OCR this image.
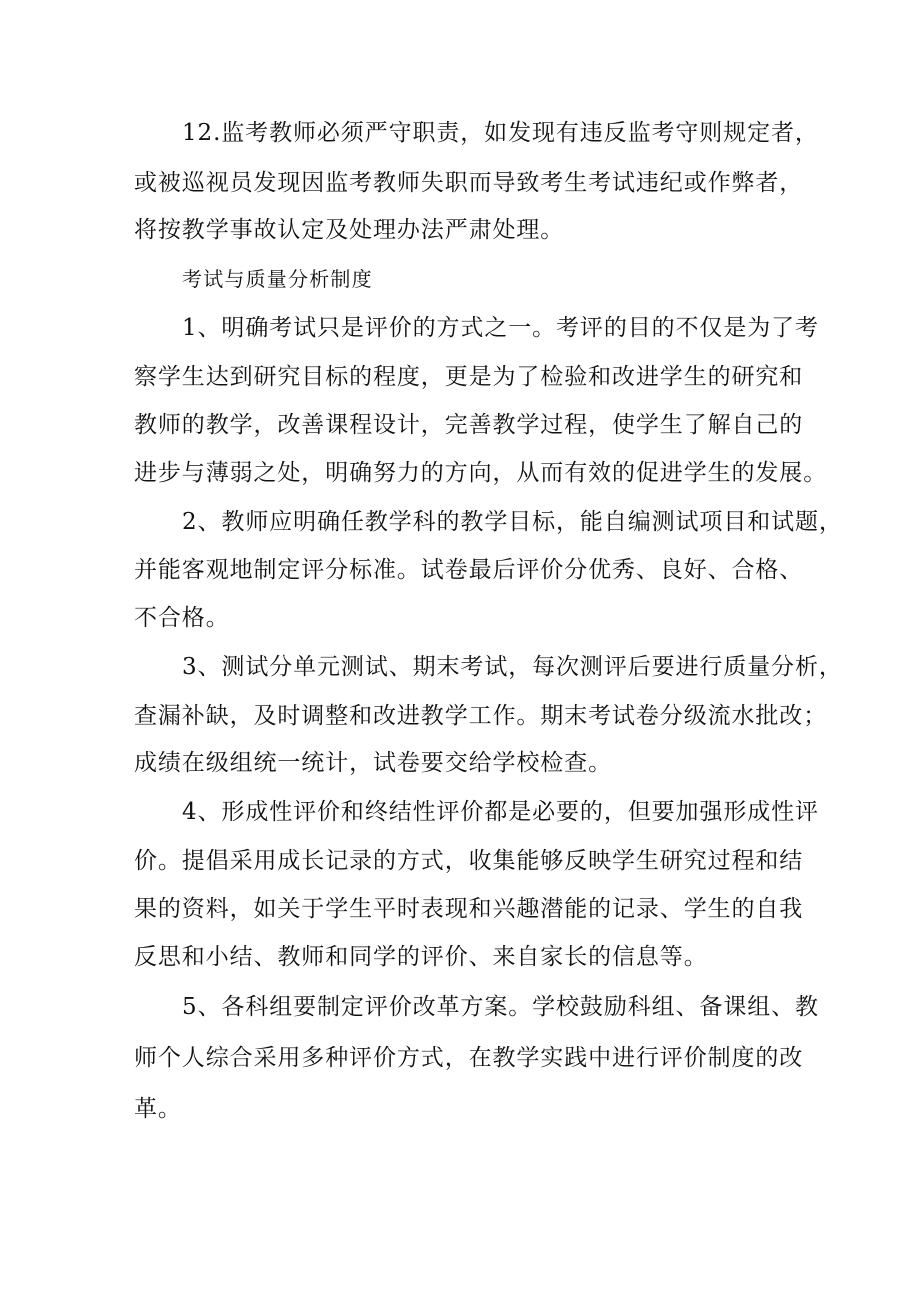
12.监考教师必须严守职责，如发现有违反监考守则规定者，
或被巡视员发现因监考教师失职而导致考生考试违纪或作弊者，
将按教学事故认定及处理办法严肃处理。
考试与质量分析制度
1、明确考试只是评价的方式之一。考评的目的不仅是为了考
察学生达到研究目标的程度，更是为了检验和改进学生的研究和
教师的教学，改善课程设计，完善教学过程，使学生了解自己的
进步与薄弱之处，明确努力的方向，从而有效的促进学生的发展。
2、教师应明确任教学科的教学目标，能自编测试项目和试题，
并能客观地制定评分标准。试卷最后评价分优秀、良好、合格、
不合格。
3、测试分单元测试、期末考试，每次测评后要进行质量分析，
查漏补缺，及时调整和改进教学工作。期末考试卷分级流水批改；
成绩在级组统一统计，试卷要交给学校检查。
4、形成性评价和终结性评价都是必要的，但要加强形成性评
价。提倡采用成长记录的方式，收集能够反映学生研究过程和结
果的资料，如关于学生平时表现和兴趣潜能的记录、学生的自我
反思和小结、教师和同学的评价、来自家长的信息等。
5、各科组要制定评价改革方案。学校鼓励科组、备课组、教
师个人综合采用多种评价方式，在教学实践中进行评价制度的改
革。
